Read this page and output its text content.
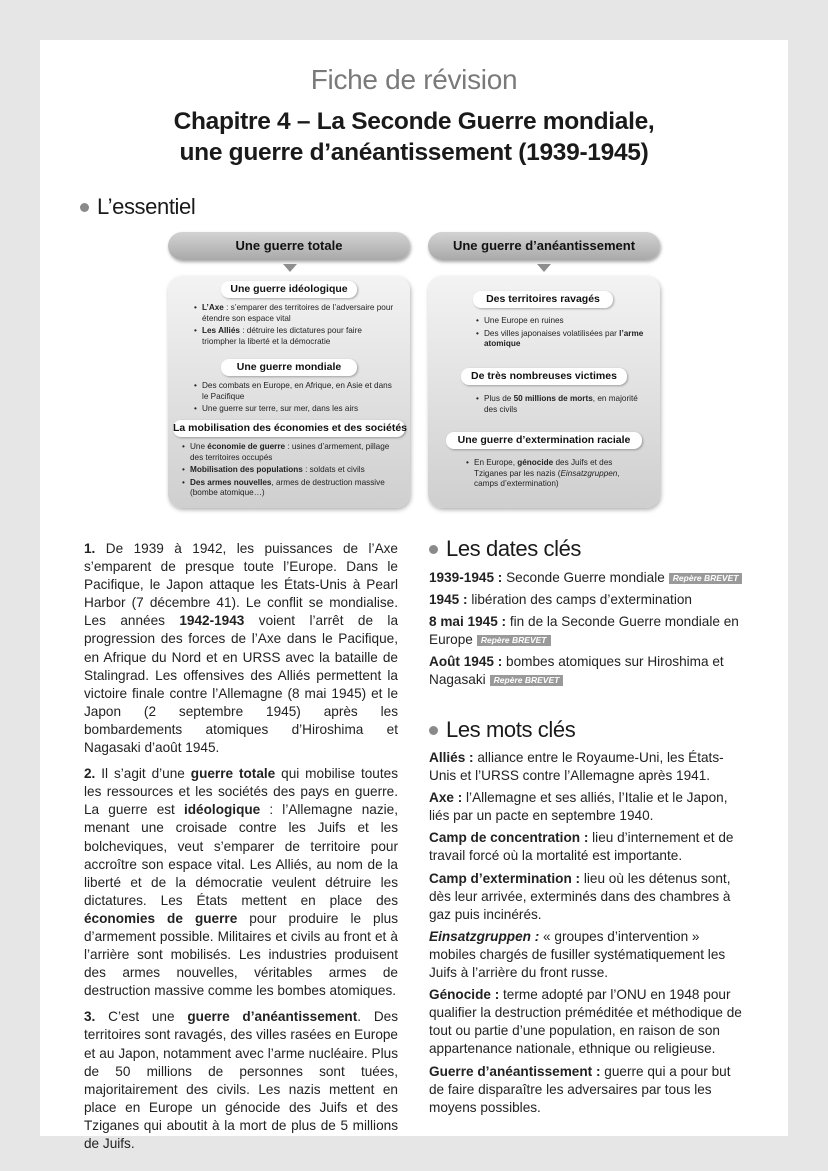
Fiche de révision
Chapitre 4 – La Seconde Guerre mondiale,
une guerre d’anéantissement (1939-1945)
L’essentiel
Une guerre totale
Une guerre idéologique
• L’Axe : s’emparer des territoires de l’adversaire pour étendre son espace vital
• Les Alliés : détruire les dictatures pour faire triompher la liberté et la démocratie
Une guerre mondiale
• Des combats en Europe, en Afrique, en Asie et dans le Pacifique
• Une guerre sur terre, sur mer, dans les airs
La mobilisation des économies et des sociétés
• Une économie de guerre : usines d’armement, pillage des territoires occupés
• Mobilisation des populations : soldats et civils
• Des armes nouvelles, armes de destruction massive (bombe atomique…)
Une guerre d’anéantissement
Des territoires ravagés
• Une Europe en ruines
• Des villes japonaises volatilisées par l’arme atomique
De très nombreuses victimes
• Plus de 50 millions de morts, en majorité des civils
Une guerre d’extermination raciale
• En Europe, génocide des Juifs et des Tziganes par les nazis (Einsatzgruppen, camps d’extermination)

1. De 1939 à 1942, les puissances de l’Axe s’emparent de presque toute l’Europe. Dans le Pacifique, le Japon attaque les États-Unis à Pearl Harbor (7 décembre 41). Le conflit se mondialise. Les années 1942-1943 voient l’arrêt de la progression des forces de l’Axe dans le Pacifique, en Afrique du Nord et en URSS avec la bataille de Stalingrad. Les offensives des Alliés permettent la victoire finale contre l’Allemagne (8 mai 1945) et le Japon (2 septembre 1945) après les bombardements atomiques d’Hiroshima et Nagasaki d’août 1945.

2. Il s’agit d’une guerre totale qui mobilise toutes les ressources et les sociétés des pays en guerre. La guerre est idéologique : l’Allemagne nazie, menant une croisade contre les Juifs et les bolcheviques, veut s’emparer de territoire pour accroître son espace vital. Les Alliés, au nom de la liberté et de la démocratie veulent détruire les dictatures. Les États mettent en place des économies de guerre pour produire le plus d’armement possible. Militaires et civils au front et à l’arrière sont mobilisés. Les industries produisent des armes nouvelles, véritables armes de destruction massive comme les bombes atomiques.

3. C’est une guerre d’anéantissement. Des territoires sont ravagés, des villes rasées en Europe et au Japon, notamment avec l’arme nucléaire. Plus de 50 millions de personnes sont tuées, majoritairement des civils. Les nazis mettent en place en Europe un génocide des Juifs et des Tziganes qui aboutit à la mort de plus de 5 millions de Juifs.

Les dates clés

1939-1945 : Seconde Guerre mondiale Repère BREVET

1945 : libération des camps d’extermination

8 mai 1945 : fin de la Seconde Guerre mondiale en Europe Repère BREVET

Août 1945 : bombes atomiques sur Hiroshima et Nagasaki Repère BREVET

Les mots clés

Alliés : alliance entre le Royaume-Uni, les États-Unis et l’URSS contre l’Allemagne après 1941.

Axe : l’Allemagne et ses alliés, l’Italie et le Japon, liés par un pacte en septembre 1940.

Camp de concentration : lieu d’internement et de travail forcé où la mortalité est importante.

Camp d’extermination : lieu où les détenus sont, dès leur arrivée, exterminés dans des chambres à gaz puis incinérés.

Einsatzgruppen : « groupes d’intervention » mobiles chargés de fusiller systématiquement les Juifs à l’arrière du front russe.

Génocide : terme adopté par l’ONU en 1948 pour qualifier la destruction préméditée et méthodique de tout ou partie d’une population, en raison de son appartenance nationale, ethnique ou religieuse.

Guerre d’anéantissement : guerre qui a pour but de faire disparaître les adversaires par tous les moyens possibles.
